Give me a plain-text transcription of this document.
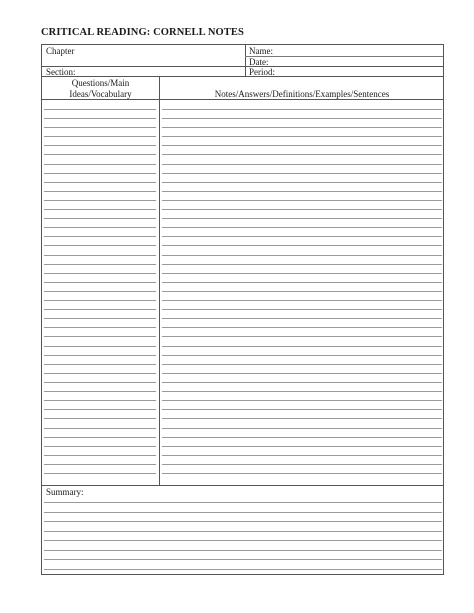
CRITICAL READING: CORNELL NOTES
Chapter
Section:
Name:
Date:
Period:
Questions/Main
Ideas/Vocabulary	Notes/Answers/Definitions/Examples/Sentences
Summary:
